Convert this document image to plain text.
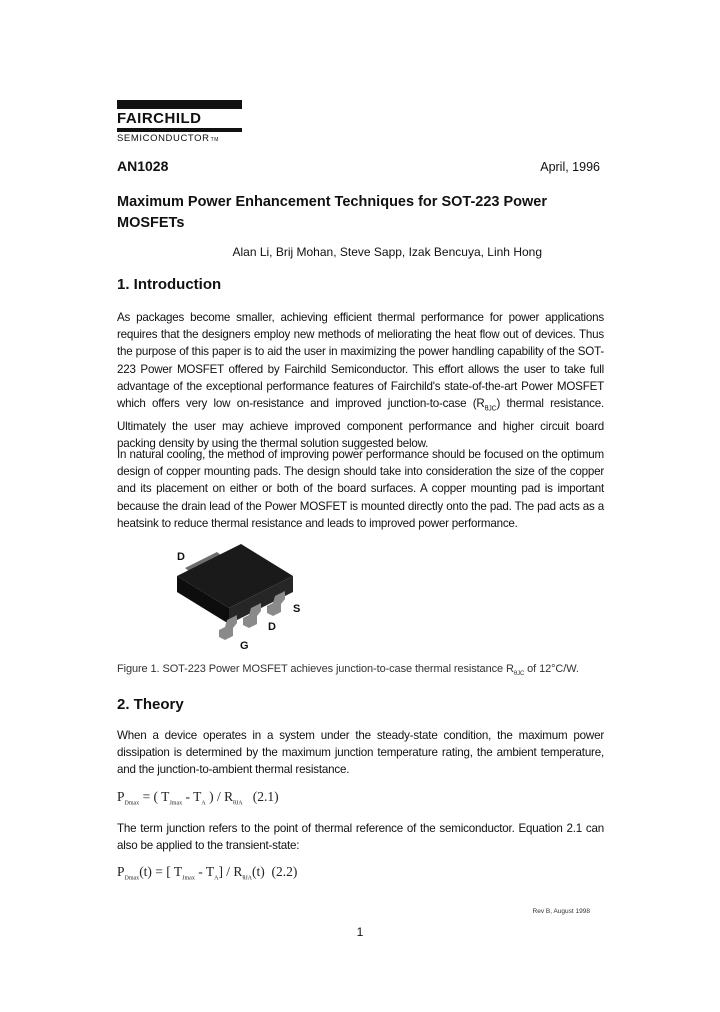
FAIRCHILD
SEMICONDUCTORTM
AN1028	April, 1996
Maximum Power Enhancement Techniques for SOT-223 Power MOSFETs
Alan Li, Brij Mohan, Steve Sapp, Izak Bencuya, Linh Hong
1. Introduction

As packages become smaller, achieving efficient thermal performance for power applications requires that the designers employ new methods of meliorating the heat flow out of devices. Thus the purpose of this paper is to aid the user in maximizing the power handling capability of the SOT-223 Power MOSFET offered by Fairchild Semiconductor. This effort allows the user to take full advantage of the exceptional performance features of Fairchild's state-of-the-art Power MOSFET which offers very low on-resistance and improved junction-to-case $(R_{\theta JC})$ thermal resistance. Ultimately the user may achieve improved component performance and higher circuit board packing density by using the thermal solution suggested below.

In natural cooling, the method of improving power performance should be focused on the optimum design of copper mounting pads. The design should take into consideration the size of the copper and its placement on either or both of the board surfaces. A copper mounting pad is important because the drain lead of the Power MOSFET is mounted directly onto the pad. The pad acts as a heatsink to reduce thermal resistance and leads to improved power performance.

D
S
D
G
Figure 1. SOT-223 Power MOSFET achieves junction-to-case thermal resistance $R_{\theta JC}$ of 12°C/W.
2. Theory

When a device operates in a system under the steady-state condition, the maximum power dissipation is determined by the maximum junction temperature rating, the ambient temperature, and the junction-to-ambient thermal resistance.

$P_{Dmax}$ = ( $T_{Jmax} - T_A$ ) / $R_{\theta JA}$   (2.1)

The term junction refers to the point of thermal reference of the semiconductor. Equation 2.1 can also be applied to the transient-state:

$P_{Dmax}(t)$ = [ $T_{Jmax} - T_A] / R_{\theta JA}(t)$  (2.2)
Rev B, August 1998
1
